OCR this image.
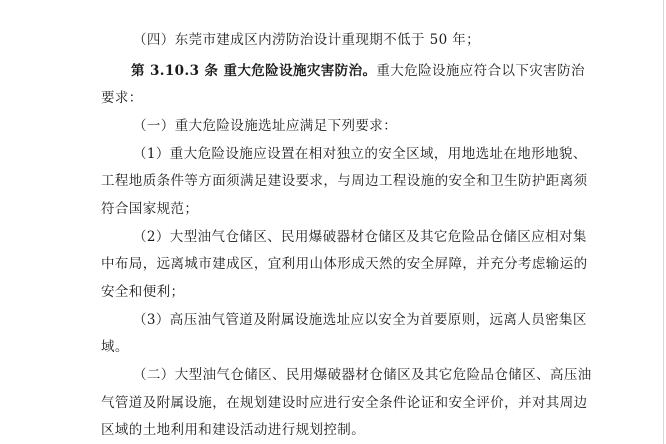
（四）东莞市建成区内涝防治设计重现期不低于 50 年；
第 3.10.3 条 重大危险设施灾害防治。重大危险设施应符合以下灾害防治
要求：
（一）重大危险设施选址应满足下列要求：
（1）重大危险设施应设置在相对独立的安全区域，用地选址在地形地貌、
工程地质条件等方面须满足建设要求，与周边工程设施的安全和卫生防护距离须
符合国家规范；
（2）大型油气仓储区、民用爆破器材仓储区及其它危险品仓储区应相对集
中布局，远离城市建成区，宜利用山体形成天然的安全屏障，并充分考虑输运的
安全和便利；
（3）高压油气管道及附属设施选址应以安全为首要原则，远离人员密集区
域。
（二）大型油气仓储区、民用爆破器材仓储区及其它危险品仓储区、高压油
气管道及附属设施，在规划建设时应进行安全条件论证和安全评价，并对其周边
区域的土地利用和建设活动进行规划控制。
